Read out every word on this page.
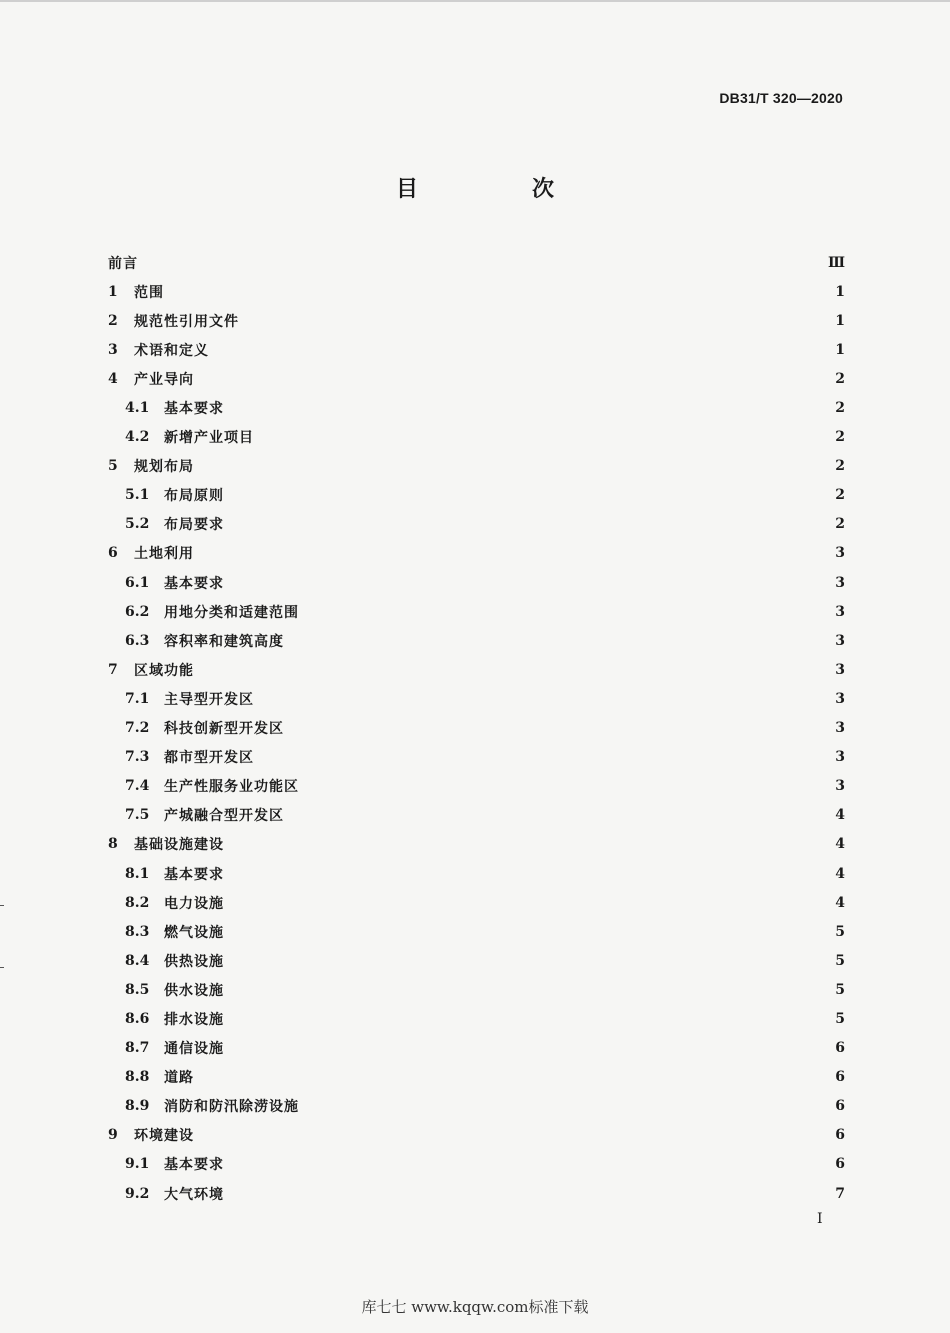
DB31/T 320—2020
目　次
前言	Ⅲ
1	范围	1
2	规范性引用文件	1
3	术语和定义	1
4	产业导向	2
4.1	基本要求	2
4.2	新增产业项目	2
5	规划布局	2
5.1	布局原则	2
5.2	布局要求	2
6	土地利用	3
6.1	基本要求	3
6.2	用地分类和适建范围	3
6.3	容积率和建筑高度	3
7	区域功能	3
7.1	主导型开发区	3
7.2	科技创新型开发区	3
7.3	都市型开发区	3
7.4	生产性服务业功能区	3
7.5	产城融合型开发区	4
8	基础设施建设	4
8.1	基本要求	4
8.2	电力设施	4
8.3	燃气设施	5
8.4	供热设施	5
8.5	供水设施	5
8.6	排水设施	5
8.7	通信设施	6
8.8	道路	6
8.9	消防和防汛除涝设施	6
9	环境建设	6
9.1	基本要求	6
9.2	大气环境	7
I
库七七 www.kqqw.com标准下载
